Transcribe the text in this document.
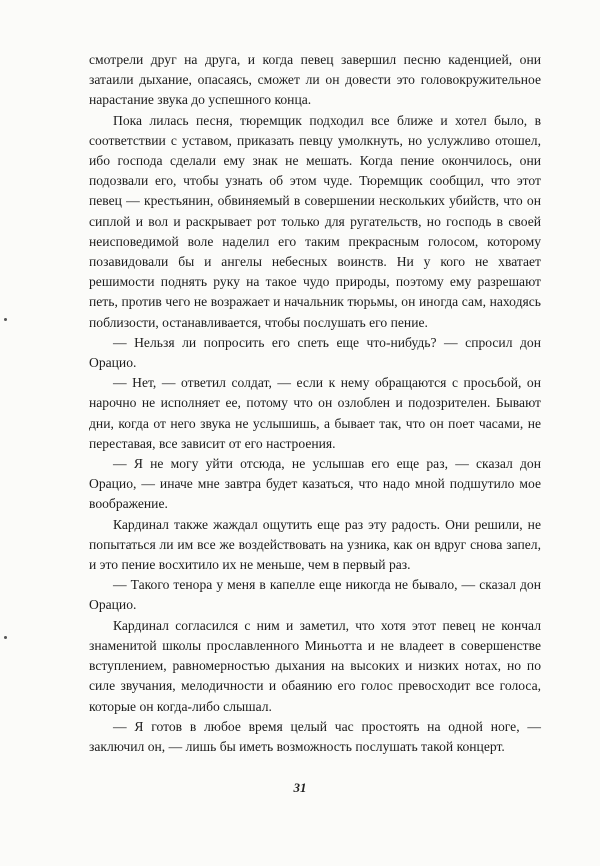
смотрели друг на друга, и когда певец завершил песню каденцией, они затаили дыхание, опасаясь, сможет ли он довести это головокружительное нарастание звука до успешного конца.

Пока лилась песня, тюремщик подходил все ближе и хотел было, в соответствии с уставом, приказать певцу умолкнуть, но услужливо отошел, ибо господа сделали ему знак не мешать. Когда пение окончилось, они подозвали его, чтобы узнать об этом чуде. Тюремщик сообщил, что этот певец — крестьянин, обвиняемый в совершении нескольких убийств, что он сиплой и вол и раскрывает рот только для ругательств, но господь в своей неисповедимой воле наделил его таким прекрасным голосом, которому позавидовали бы и ангелы небесных воинств. Ни у кого не хватает решимости поднять руку на такое чудо природы, поэтому ему разрешают петь, против чего не возражает и начальник тюрьмы, он иногда сам, находясь поблизости, останавливается, чтобы послушать его пение.

— Нельзя ли попросить его спеть еще что-нибудь? — спросил дон Орацио.

— Нет, — ответил солдат, — если к нему обращаются с просьбой, он нарочно не исполняет ее, потому что он озлоблен и подозрителен. Бывают дни, когда от него звука не услышишь, а бывает так, что он поет часами, не переставая, все зависит от его настроения.

— Я не могу уйти отсюда, не услышав его еще раз, — сказал дон Орацио, — иначе мне завтра будет казаться, что надо мной подшутило мое воображение.

Кардинал также жаждал ощутить еще раз эту радость. Они решили, не попытаться ли им все же воздействовать на узника, как он вдруг снова запел, и это пение восхитило их не меньше, чем в первый раз.

— Такого тенора у меня в капелле еще никогда не бывало, — сказал дон Орацио.

Кардинал согласился с ним и заметил, что хотя этот певец не кончал знаменитой школы прославленного Миньотта и не владеет в совершенстве вступлением, равномерностью дыхания на высоких и низких нотах, но по силе звучания, мелодичности и обаянию его голос превосходит все голоса, которые он когда-либо слышал.

— Я готов в любое время целый час простоять на одной ноге, — заключил он, — лишь бы иметь возможность послушать такой концерт.

31
